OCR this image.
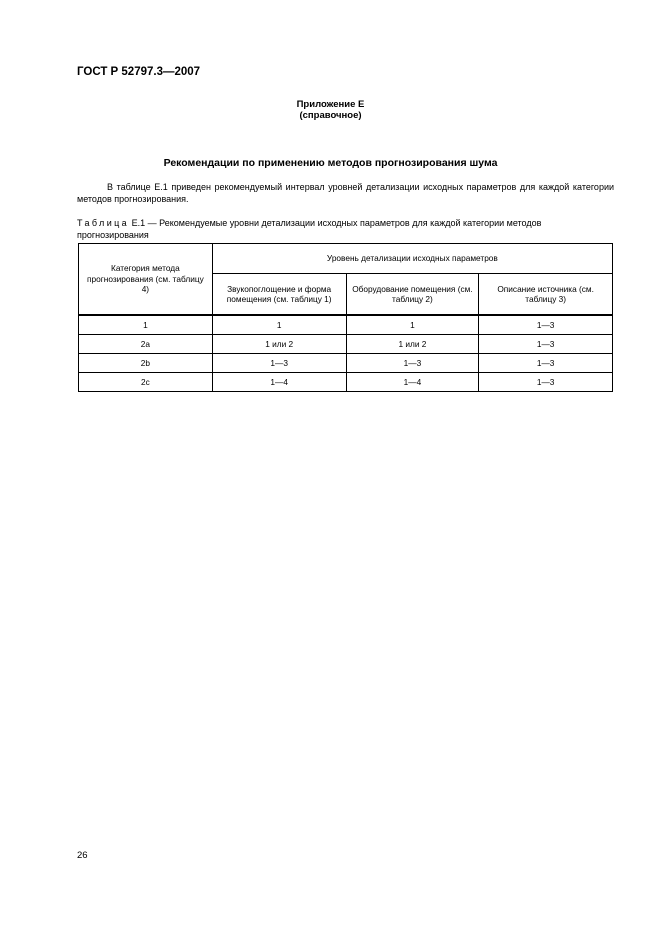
ГОСТ Р 52797.3—2007
Приложение Е
(справочное)
Рекомендации по применению методов прогнозирования шума

В таблице Е.1 приведен рекомендуемый интервал уровней детализации исходных параметров для каждой категории методов прогнозирования.

Таблица Е.1 — Рекомендуемые уровни детализации исходных параметров для каждой категории методов прогнозирования
Категория метода прогнозирования (см. таблицу 4)	Уровень детализации исходных параметров		
	Звукопоглощение и форма помещения (см. таблицу 1)	Оборудование помещения (см. таблицу 2)	Описание источника (см. таблицу 3)
1	1	1	1—3
2a	1 или 2	1 или 2	1—3
2b	1—3	1—3	1—3
2c	1—4	1—4	1—3
26
